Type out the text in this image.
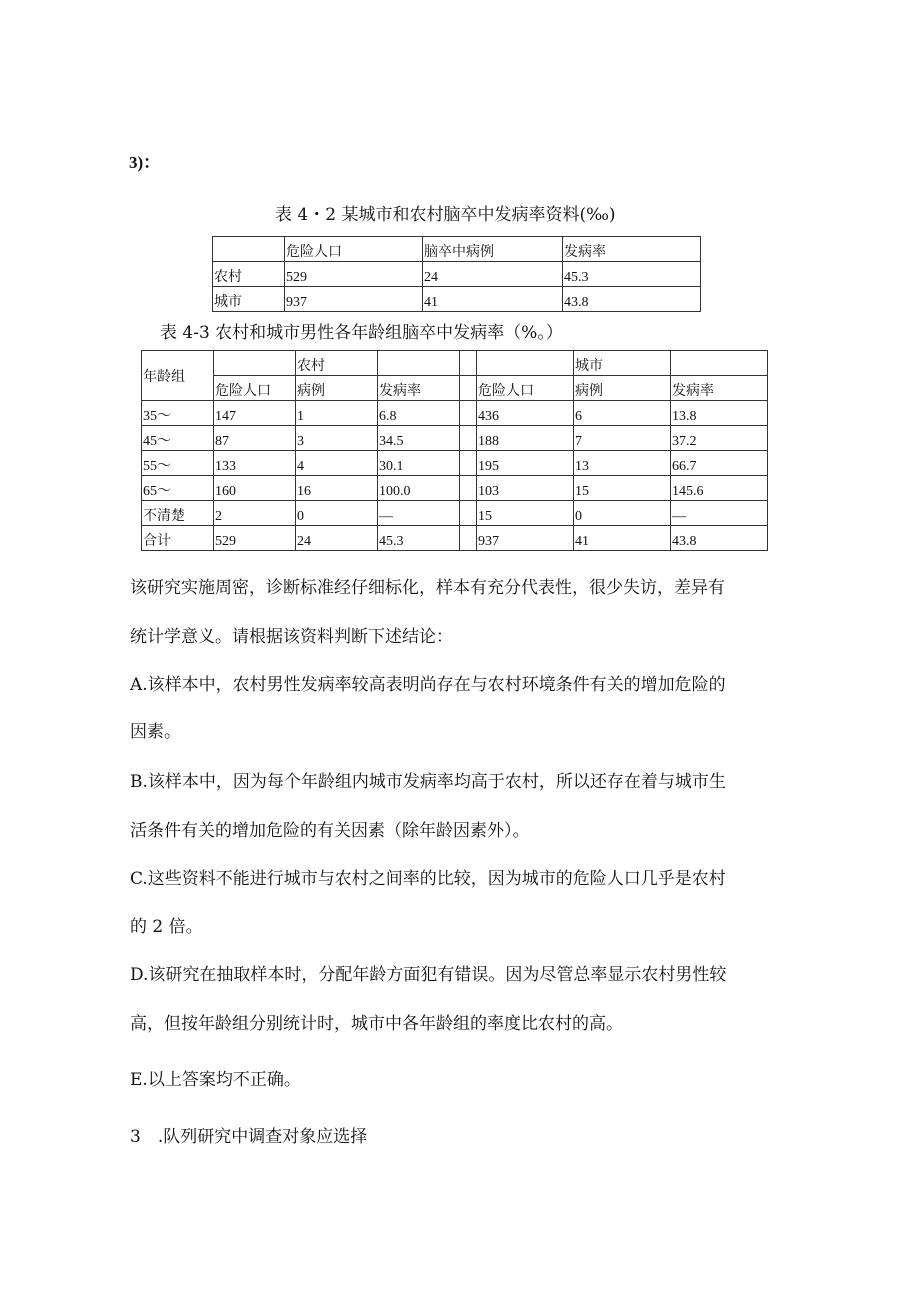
3)：
表 4・2 某城市和农村脑卒中发病率资料(‰)
	危险人口	脑卒中病例	发病率
农村	529	24	45.3
城市	937	41	43.8
表 4-3 农村和城市男性各年龄组脑卒中发病率（%。）
年龄组		农村				城市	
	危险人口	病例	发病率		危险人口	病例	发病率
35～	147	1	6.8		436	6	13.8
45～	87	3	34.5		188	7	37.2
55～	133	4	30.1		195	13	66.7
65～	160	16	100.0		103	15	145.6
不清楚	2	0	—		15	0	—
合计	529	24	45.3		937	41	43.8
该研究实施周密，诊断标准经仔细标化，样本有充分代表性，很少失访，差异有
统计学意义。请根据该资料判断下述结论：
A.该样本中，农村男性发病率较高表明尚存在与农村环境条件有关的增加危险的
因素。
B.该样本中，因为每个年龄组内城市发病率均高于农村，所以还存在着与城市生
活条件有关的增加危险的有关因素（除年龄因素外）。
C.这些资料不能进行城市与农村之间率的比较，因为城市的危险人口几乎是农村
的 2 倍。
D.该研究在抽取样本时，分配年龄方面犯有错误。因为尽管总率显示农村男性较
高，但按年龄组分别统计时，城市中各年龄组的率度比农村的高。
E.以上答案均不正确。
3　.队列研究中调查对象应选择
